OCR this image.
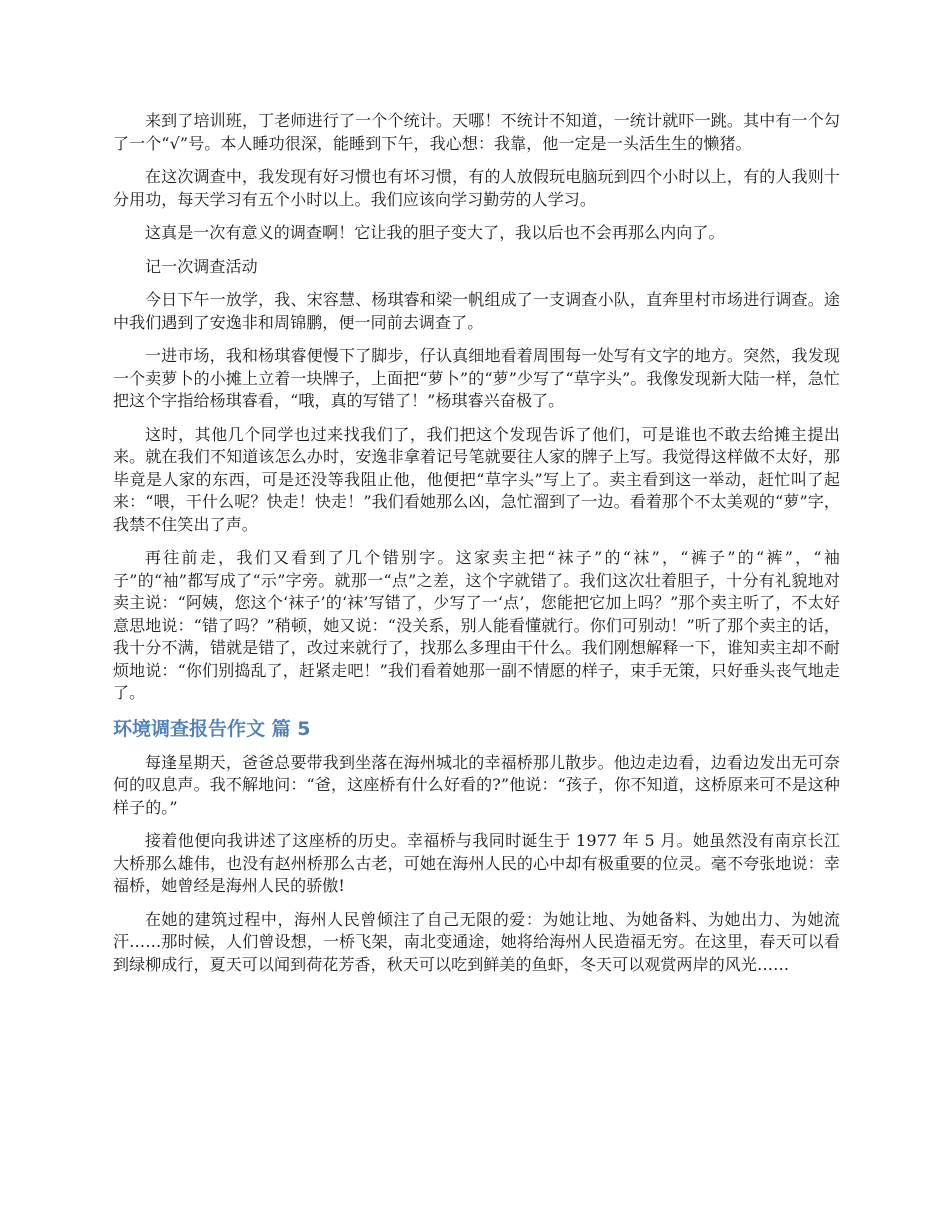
来到了培训班，丁老师进行了一个个统计。天哪！不统计不知道，一统计就吓一跳。其中有一个勾了一个“√”号。本人睡功很深，能睡到下午，我心想：我靠，他一定是一头活生生的懒猪。

在这次调查中，我发现有好习惯也有坏习惯，有的人放假玩电脑玩到四个小时以上，有的人我则十分用功，每天学习有五个小时以上。我们应该向学习勤劳的人学习。

这真是一次有意义的调查啊！它让我的胆子变大了，我以后也不会再那么内向了。

记一次调查活动

今日下午一放学，我、宋容慧、杨琪睿和梁一帆组成了一支调查小队，直奔里村市场进行调查。途中我们遇到了安逸非和周锦鹏，便一同前去调查了。

一进市场，我和杨琪睿便慢下了脚步，仔认真细地看着周围每一处写有文字的地方。突然，我发现一个卖萝卜的小摊上立着一块牌子，上面把“萝卜”的“萝”少写了“草字头”。我像发现新大陆一样，急忙把这个字指给杨琪睿看，“哦，真的写错了！”杨琪睿兴奋极了。

这时，其他几个同学也过来找我们了，我们把这个发现告诉了他们，可是谁也不敢去给摊主提出来。就在我们不知道该怎么办时，安逸非拿着记号笔就要往人家的牌子上写。我觉得这样做不太好，那毕竟是人家的东西，可是还没等我阻止他，他便把“草字头”写上了。卖主看到这一举动，赶忙叫了起来：“喂，干什么呢？快走！快走！”我们看她那么凶，急忙溜到了一边。看着那个不太美观的“萝”字，我禁不住笑出了声。

再往前走，我们又看到了几个错别字。这家卖主把“袜子”的“袜”，“裤子”的“裤”，“袖子”的“袖”都写成了“示”字旁。就那一“点”之差，这个字就错了。我们这次壮着胆子，十分有礼貌地对卖主说：“阿姨，您这个‘袜子’的‘袜’写错了，少写了一‘点’，您能把它加上吗？”那个卖主听了，不太好意思地说：“错了吗？”稍顿，她又说：“没关系，别人能看懂就行。你们可别动！”听了那个卖主的话，我十分不满，错就是错了，改过来就行了，找那么多理由干什么。我们刚想解释一下，谁知卖主却不耐烦地说：“你们别捣乱了，赶紧走吧！”我们看着她那一副不情愿的样子，束手无策，只好垂头丧气地走了。

环境调查报告作文 篇 5

每逢星期天，爸爸总要带我到坐落在海州城北的幸福桥那儿散步。他边走边看，边看边发出无可奈何的叹息声。我不解地问：“爸，这座桥有什么好看的?”他说：“孩子，你不知道，这桥原来可不是这种样子的。”

接着他便向我讲述了这座桥的历史。幸福桥与我同时诞生于 1977 年 5 月。她虽然没有南京长江大桥那么雄伟，也没有赵州桥那么古老，可她在海州人民的心中却有极重要的位灵。毫不夸张地说：幸福桥，她曾经是海州人民的骄傲!

在她的建筑过程中，海州人民曾倾注了自己无限的爱：为她让地、为她备料、为她出力、为她流汗……那时候，人们曾设想，一桥飞架，南北变通途，她将给海州人民造福无穷。在这里，春天可以看到绿柳成行，夏天可以闻到荷花芳香，秋天可以吃到鲜美的鱼虾，冬天可以观赏两岸的风光……
